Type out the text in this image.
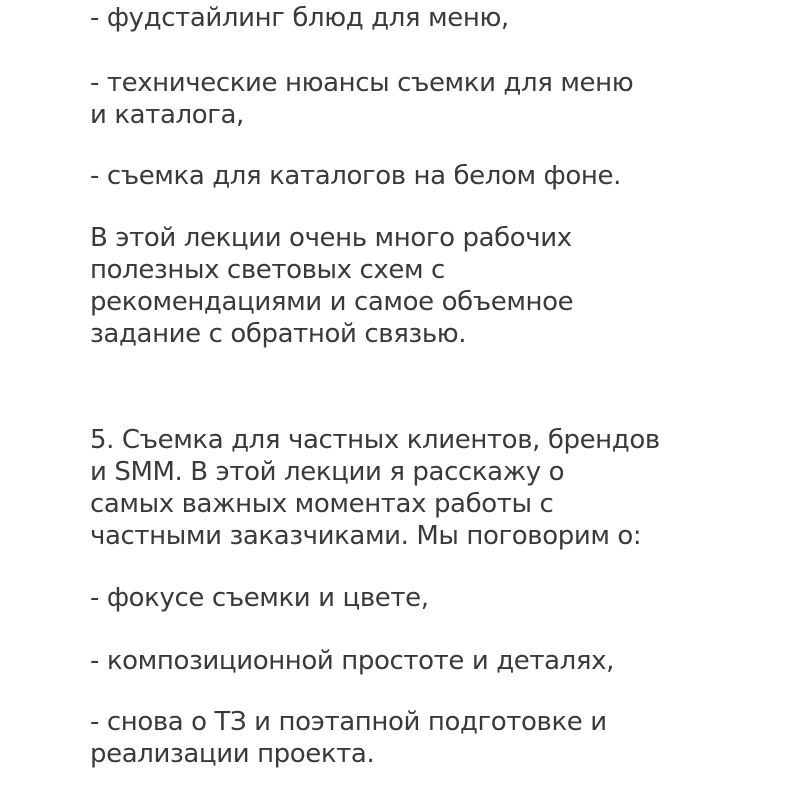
- фудстайлинг блюд для меню,

- технические нюансы съемки для меню

и каталога,

- съемка для каталогов на белом фоне.

В этой лекции очень много рабочих

полезных световых схем с

рекомендациями и самое объемное

задание с обратной связью.

5. Съемка для частных клиентов, брендов

и SMM. В этой лекции я расскажу о

самых важных моментах работы с

частными заказчиками. Мы поговорим о:

- фокусе съемки и цвете,

- композиционной простоте и деталях,

- снова о ТЗ и поэтапной подготовке и

реализации проекта.
